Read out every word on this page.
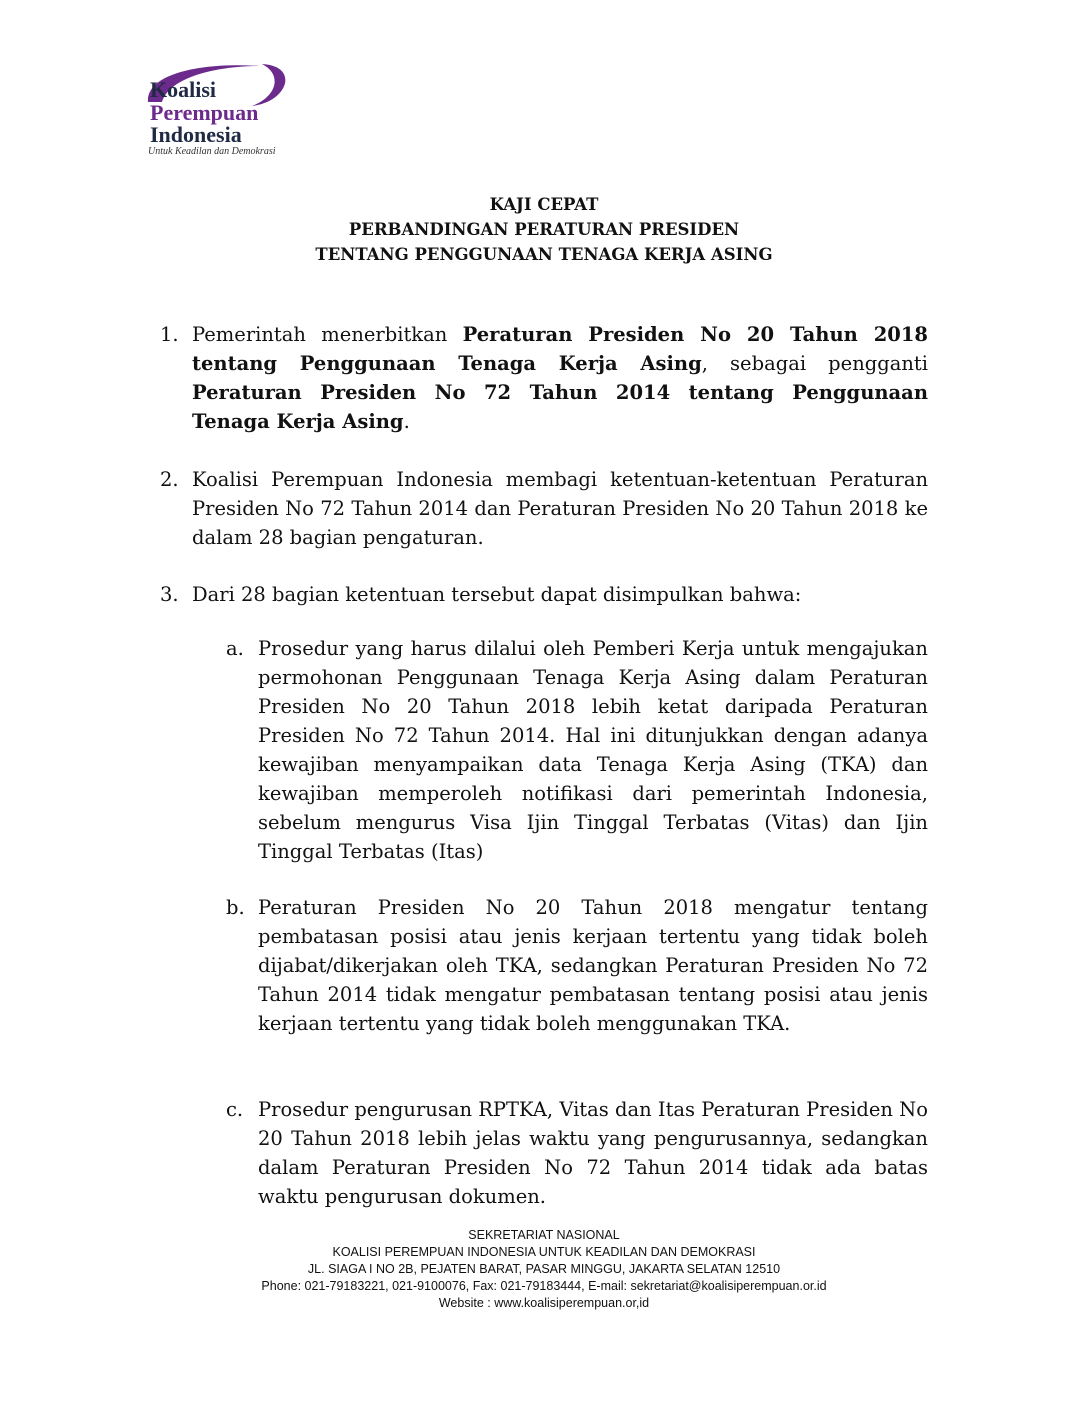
Koalisi
Perempuan
Indonesia
Untuk Keadilan dan Demokrasi
KAJI CEPAT
PERBANDINGAN PERATURAN PRESIDEN
TENTANG PENGGUNAAN TENAGA KERJA ASING
1. Pemerintah menerbitkan Peraturan Presiden No 20 Tahun 2018 tentang Penggunaan Tenaga Kerja Asing, sebagai pengganti Peraturan Presiden No 72 Tahun 2014 tentang Penggunaan Tenaga Kerja Asing.
2. Koalisi Perempuan Indonesia membagi ketentuan-ketentuan Peraturan Presiden No 72 Tahun 2014 dan Peraturan Presiden No 20 Tahun 2018 ke dalam 28 bagian pengaturan.
3. Dari 28 bagian ketentuan tersebut dapat disimpulkan bahwa:
a. Prosedur yang harus dilalui oleh Pemberi Kerja untuk mengajukan permohonan Penggunaan Tenaga Kerja Asing dalam Peraturan Presiden No 20 Tahun 2018 lebih ketat daripada Peraturan Presiden No 72 Tahun 2014. Hal ini ditunjukkan dengan adanya kewajiban menyampaikan data Tenaga Kerja Asing (TKA) dan kewajiban memperoleh notifikasi dari pemerintah Indonesia, sebelum mengurus Visa Ijin Tinggal Terbatas (Vitas) dan Ijin Tinggal Terbatas (Itas)
b. Peraturan Presiden No 20 Tahun 2018 mengatur tentang pembatasan posisi atau jenis kerjaan tertentu yang tidak boleh dijabat/dikerjakan oleh TKA, sedangkan Peraturan Presiden No 72 Tahun 2014 tidak mengatur pembatasan tentang posisi atau jenis kerjaan tertentu yang tidak boleh menggunakan TKA.
c. Prosedur pengurusan RPTKA, Vitas dan Itas Peraturan Presiden No 20 Tahun 2018 lebih jelas waktu yang pengurusannya, sedangkan dalam Peraturan Presiden No 72 Tahun 2014 tidak ada batas waktu pengurusan dokumen.
SEKRETARIAT NASIONAL
KOALISI PEREMPUAN INDONESIA UNTUK KEADILAN DAN DEMOKRASI
JL. SIAGA I NO 2B, PEJATEN BARAT, PASAR MINGGU, JAKARTA SELATAN 12510
Phone: 021-79183221, 021-9100076, Fax: 021-79183444, E-mail: sekretariat@koalisiperempuan.or.id
Website : www.koalisiperempuan.or,id
